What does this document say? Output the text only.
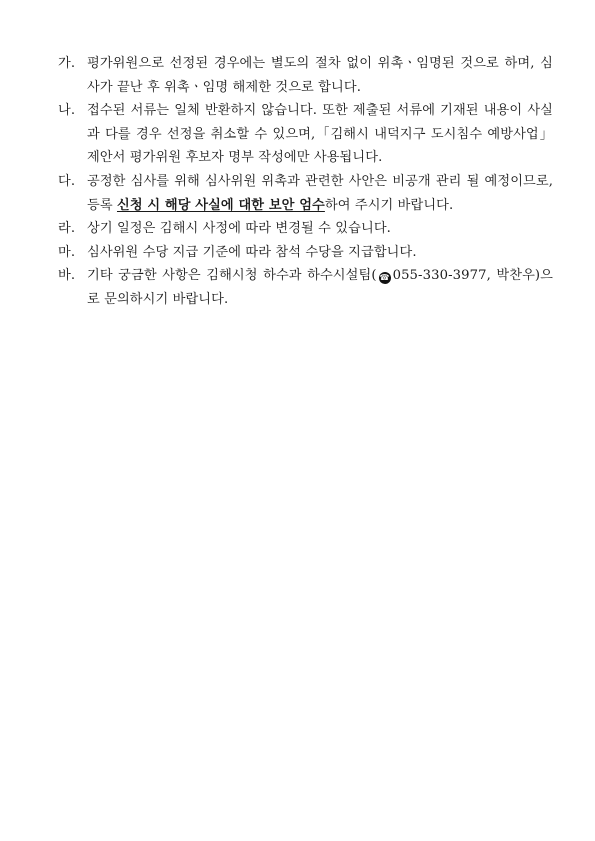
가. 평가위원으로 선정된 경우에는 별도의 절차 없이 위촉ㆍ임명된 것으로 하며, 심사가 끝난 후 위촉ㆍ임명 해제한 것으로 합니다.
나. 접수된 서류는 일체 반환하지 않습니다. 또한 제출된 서류에 기재된 내용이 사실과 다를 경우 선정을 취소할 수 있으며,「김해시 내덕지구 도시침수 예방사업」제안서 평가위원 후보자 명부 작성에만 사용됩니다.
다. 공정한 심사를 위해 심사위원 위촉과 관련한 사안은 비공개 관리 될 예정이므로, 등록 신청 시 해당 사실에 대한 보안 엄수하여 주시기 바랍니다.
라. 상기 일정은 김해시 사정에 따라 변경될 수 있습니다.
마. 심사위원 수당 지급 기준에 따라 참석 수당을 지급합니다.
바. 기타 궁금한 사항은 김해시청 하수과 하수시설팀( ☎ 055-330-3977, 박찬우)으로 문의하시기 바랍니다.
